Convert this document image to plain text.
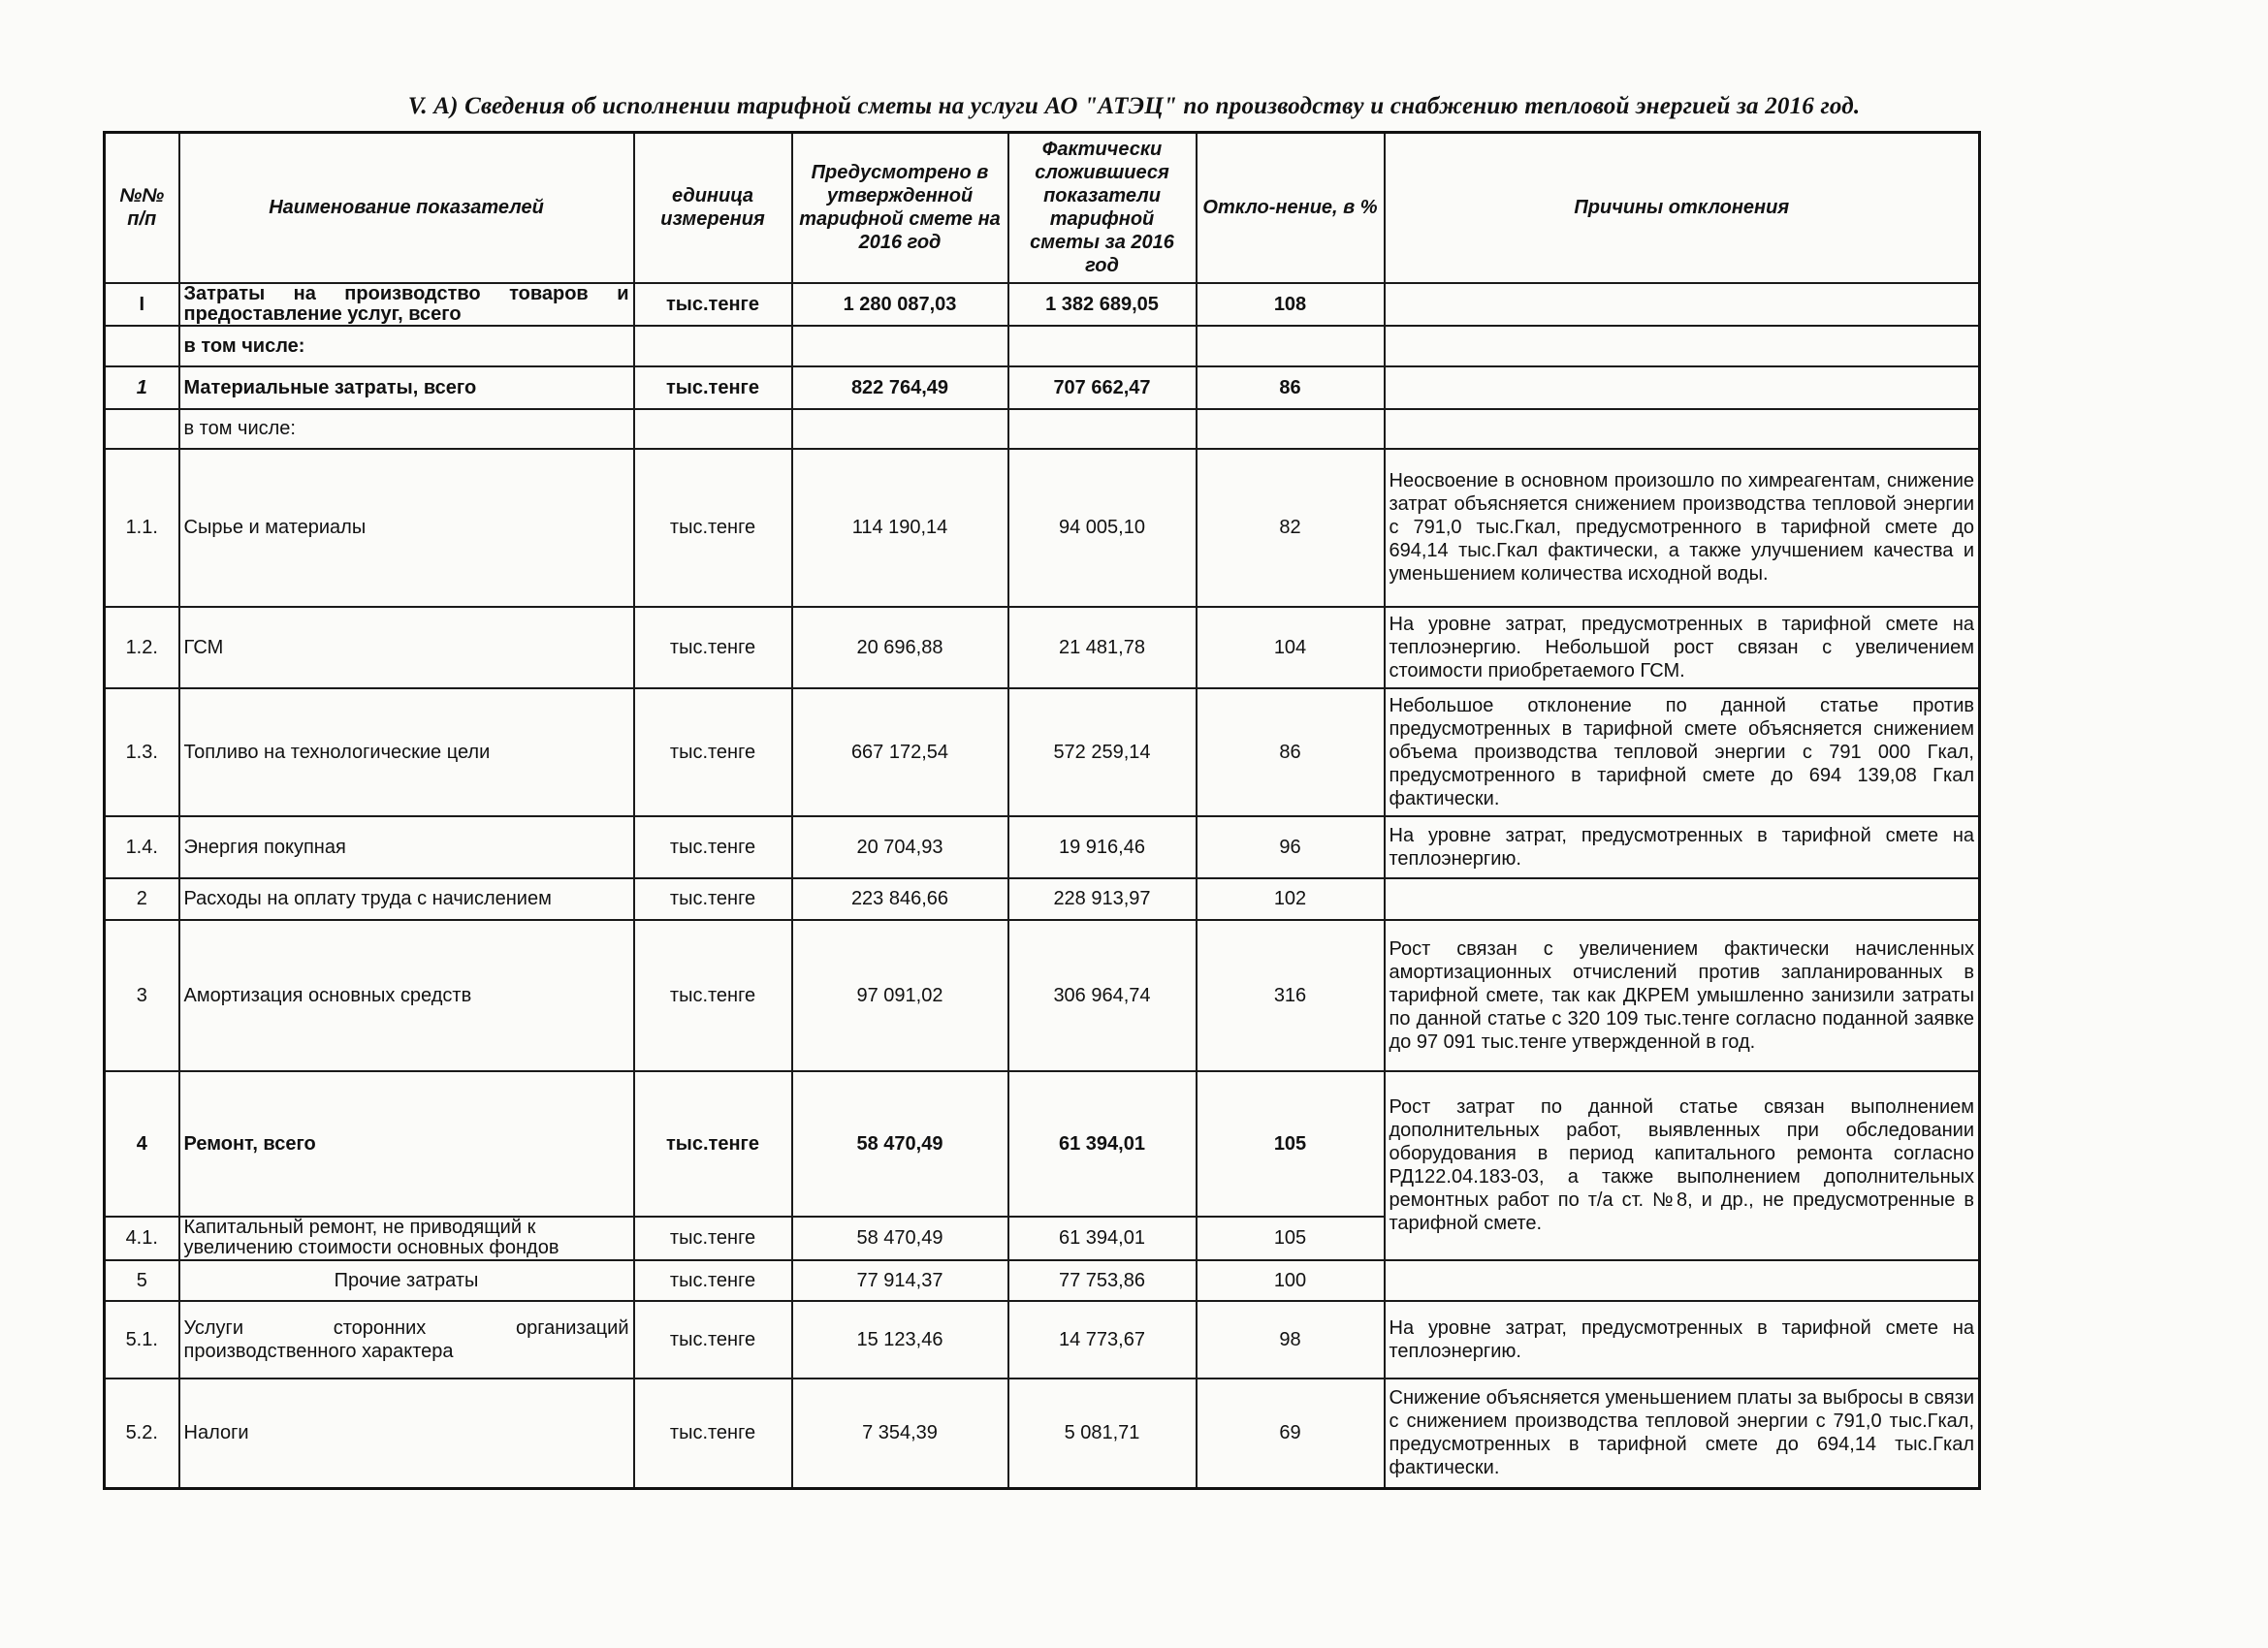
V. А) Сведения об исполнении тарифной сметы на услуги АО "АТЭЦ" по производству и снабжению тепловой энергией за 2016 год.
№№ п/п	Наименование показателей	единица измерения	Предусмотрено в утвержденной тарифной смете на 2016 год	Фактически сложившиеся показатели тарифной сметы за 2016 год	Откло-нение, в %	Причины отклонения
I	Затраты на производство товаров и предоставление услуг, всего	тыс.тенге	1 280 087,03	1 382 689,05	108	
	в том числе:					
1	Материальные затраты, всего	тыс.тенге	822 764,49	707 662,47	86	
	в том числе:					
1.1.	Сырье и материалы	тыс.тенге	114 190,14	94 005,10	82	Неосвоение в основном произошло по химреагентам, снижение затрат объясняется снижением производства тепловой энергии с 791,0 тыс.Гкал, предусмотренного в тарифной смете до 694,14 тыс.Гкал фактически, а также улучшением качества и уменьшением количества исходной воды.
1.2.	ГСМ	тыс.тенге	20 696,88	21 481,78	104	На уровне затрат, предусмотренных в тарифной смете на теплоэнергию. Небольшой рост связан с увеличением стоимости приобретаемого ГСМ.
1.3.	Топливо на технологические цели	тыс.тенге	667 172,54	572 259,14	86	Небольшое отклонение по данной статье против предусмотренных в тарифной смете объясняется снижением объема производства тепловой энергии с 791 000 Гкал, предусмотренного в тарифной смете до 694 139,08 Гкал фактически.
1.4.	Энергия покупная	тыс.тенге	20 704,93	19 916,46	96	На уровне затрат, предусмотренных в тарифной смете на теплоэнергию.
2	Расходы на оплату труда с начислением	тыс.тенге	223 846,66	228 913,97	102	
3	Амортизация основных средств	тыс.тенге	97 091,02	306 964,74	316	Рост связан с увеличением фактически начисленных амортизационных отчислений против запланированных в тарифной смете, так как ДКРЕМ умышленно занизили затраты по данной статье с 320 109 тыс.тенге согласно поданной заявке до 97 091 тыс.тенге утвержденной в год.
4	Ремонт, всего	тыс.тенге	58 470,49	61 394,01	105	Рост затрат по данной статье связан выполнением дополнительных работ, выявленных при обследовании оборудования в период капитального ремонта согласно РД122.04.183-03, а также выполнением дополнительных ремонтных работ по т/а ст. №8, и др., не предусмотренные в тарифной смете.
4.1.	Капитальный ремонт, не приводящий к увеличению стоимости основных фондов	тыс.тенге	58 470,49	61 394,01	105	
5	Прочие затраты	тыс.тенге	77 914,37	77 753,86	100	
5.1.	Услуги сторонних организаций производственного характера	тыс.тенге	15 123,46	14 773,67	98	На уровне затрат, предусмотренных в тарифной смете на теплоэнергию.
5.2.	Налоги	тыс.тенге	7 354,39	5 081,71	69	Снижение объясняется уменьшением платы за выбросы в связи с снижением производства тепловой энергии с 791,0 тыс.Гкал, предусмотренных в тарифной смете до 694,14 тыс.Гкал фактически.
